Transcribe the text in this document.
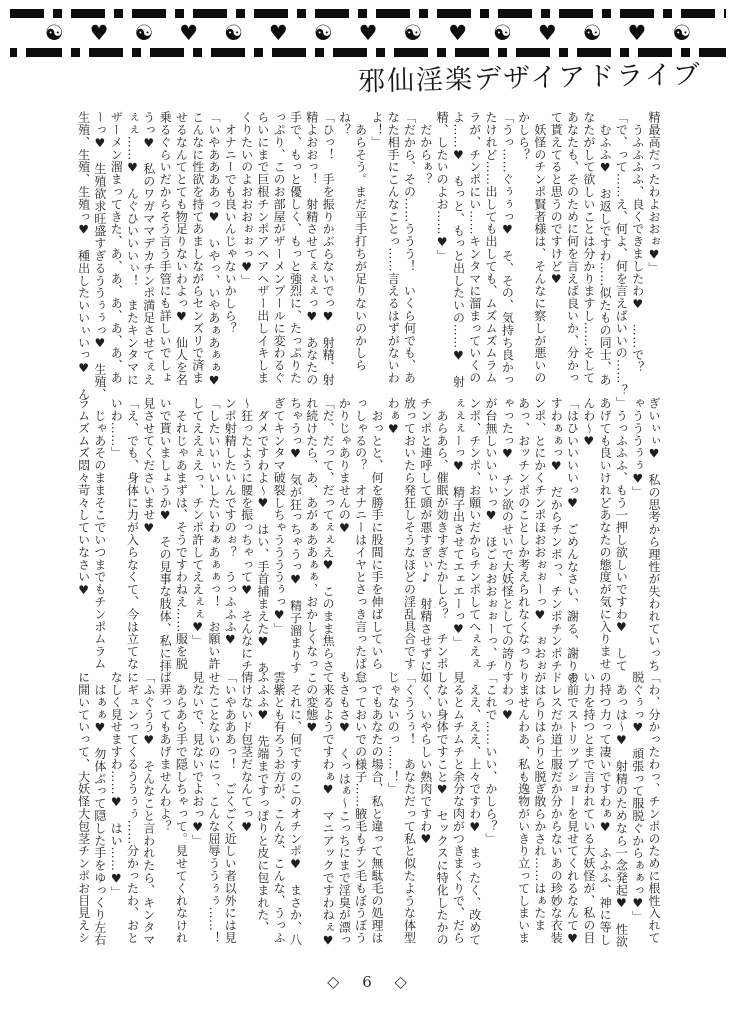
☯♥☯♥☯♥☯♥☯♥☯♥☯♥☯
邪仙淫楽デザイアドライブ
精最高だったわよおおぉ♥」
　うふふふふ、良くできましたわ♥　……で？
「で、って……え、何よ、何を言えばいいの……？」
　むふふ♥　お返しですわ……似たもの同士、あ
なたがして欲しいことは分かりますし……そして
あなたも、そのために何を言えば良いか、分かっ
て貰えてると思うのですけど♥
　妖怪のチンポ賢者様は、そんなに察しが悪いの
かしら？
「うっ……ぐぅぅっ♥　そ、その、気持ち良かっ
たけれど……出しても出しても、ムズムズムラム
ラが、チンポにい……キンタマに溜まっていくの
よ……♥　もっと、もっと出したいの……♥　射
精、したいのよお……♥」
　だからぁ？
「だから、その……ううう！　いくら何でも、あ
なた相手にこんなことっ……言えるはずがないわ
よ！」
　あらそう。まだ平手打ちが足りないのかしら
ね？
「ひっ！　手を振りかぶらないでっ♥　射精、射
精よおおっ！　射精させてぇぇぇっ♥　あなたの
手で、もっと優しく、もっと強烈に、たっぷりた
っぷり、このお部屋がザーメンプールに変わるぐ
らいにまで巨根チンポアヘアヘザー出しイキしま
くりたいのよおおおぉぉっ♥」
　オナニーでも良いんじゃないかしら？
「いやああああっ♥　いやっ、いやあぁあぁぁ♥
こんなに性欲を持てあましながらセンズリで済ま
せるなんてとても物足りないわよっ♥　仙人を名
乗るぐらいだからそう言う手管にも詳しいでしょ
うっ♥　私のワガママデカチンポ満足させてぇえ
ぇぇ……♥　んぐひいいいぃ！　またキンタマに
ザーメン溜まってきた、あ、あ、あ、あ、あ、あ
ーっ♥　生殖欲求旺盛すぎるううぅぅっ♥　生殖、
生殖、生殖、生殖っ♥　種出したいいぃいっ♥　ん
ぎいぃぃ♥　私の思考から理性が失われていっち
ゃうううぅぅ♥」
　うっふふふ、もう一押し欲しいですわ♥　して
あげても良いけれどあなたの態度が気に入りませ
んわ〜♥
「はひいいいいっ♥　ごめんなさい、謝る、謝りま
すわぁぁっ♥　だからチンポっ、チンポチンポチ
ンポ、とにかくチンポほおおぉぉーっ♥　ぉおぉ
あっ、おッチンポのことしか考えられなくなっち
ゃったっ♥　チン欲のせいで大妖怪としての誇り
が台無しいいぃぃっ♥　ほごぉおおぉぉーっ、チ
ンポ、チンポ、お願いだからチンポしてへぇえぇ
ぇぇぇーっ♥　精子出させてエェエーっ♥」
　あらあら、催眠が効きすぎたかしら？　チンポ
チンポと連呼して頭が悪すぎぃ♪　射精させずに
放っておいたら発狂しそうなほどの淫乱具合です
わぁ♥
　おっとと、何を勝手に股間に手を伸ばしていら
っしゃるの？　オナニーはイヤとさっき言ったば
かりじゃありませんの♥
「だ、だって、だってぇぇえ♥　このまま焦らさ
れ続けたら、あ、あがぁああぁぁ、おかしくなっ
ちゃうっ♥　気が狂っちゃうっ♥　精子溜まりす
ぎてキンタマ破裂しちゃううううぅっ♥」
　ダメですわよ〜♥　はい、手首捕まえた♥　あ
〜狂ったように腰を振っちゃって♥　そんなにチ
ンポ射精したいんですのぉ？　うっふふふ♥
「したいいぃいしたいわぁあぁぁっ！　お願い許
してええぇえっ、チンポ許してええぇぇ♥」
　それじゃあまずは、そうですわねえ……服を脱
いで貰いましょうか♥　その見事な肢体、私に拝
見させてくださいませ♥
「え、でも、身体に力が入らなくて、今は立てな
いわ……」
　じゃあそのままそこでいつまでもチンポムラム
ラムズムズ悶々苛々していなさい♥
「わ、分かったわっ、チンポのために根性入れて
脱ぐぅっ♥　頑張って服脱ぐからぁぁっ♥」
　あっは〜♥　射精のためなら一念発起♥　性欲
の持つ力って凄いですわぁ♥　ふふふ、神に等し
い力を持つとまで言われている大妖怪が、私の目
の前でストリップショーを見せてくれるなんて♥
ドレスだか道士服だか分からないあの珍妙な衣装
がはらりはらりと脱ぎ散らかされ……はぁたま
りませんわあ、私も逸物がいきり立ってしまいま
すわっ♥
「これで……いい、かしら？」
　ええ、ええ、上々ですわ♥　まったく、改めて
見るとムチムチと余分な肉がつきまくりで、だら
しない身体ですこと♥　セックスに特化したかの
如く、いやらしい熟肉ですわ♥
「くううぅ！　あなただって私と似たような体型
じゃないのっ……！」
　でもあなたの場合、私と違って無駄毛の処理は
怠っておいでの様子……腋毛もチン毛もぼうぼう
もさもさ♥　くっはぁ〜こっちにまで淫臭が漂っ
て来るようですわぁ♥　マニアックですわねぇ♥
この変態♥
　それに、何ですのこのオチンポ♥　まさか、八
雲紫とも有ろうお方が、こんな、こんな、うっふ
ふふふ♥　先端まですっぽりと皮に包まれた、
情けないド包茎だなんてっ♥
「いやあああっ！　ごくごく近しい者以外には見
せたことないのにっ、こんな屈辱ううぅぅ……！
見ないで、見ないでよおっ♥」
　あらあら手で隠しちゃって。見せてくれなけれ
ば弄ってもあげませんわよ？
「ふぐうう♥　そんなこと言われたら、キンタマ
にギュンってくるううぅぅ……分かったわ、おと
なしく見せますわ……♥　はい……♥」
　はぁぁ♥　勿体ぶって隠した手をゆっくり左右
に開いていって、大妖怪大包茎チンポお目見えシ
◇ 6 ◇
